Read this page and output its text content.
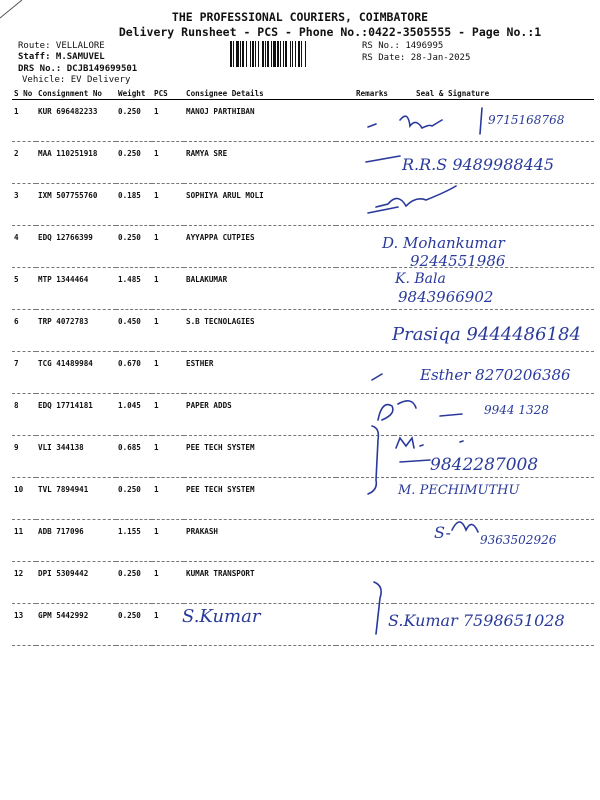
THE PROFESSIONAL COURIERS, COIMBATORE
Delivery Runsheet - PCS - Phone No.:0422-3505555 - Page No.:1
Route: VELLALORE
Staff: M.SAMUVEL
DRS No.: DCJB149699501
Vehicle: EV Delivery
RS No.: 1496995
RS Date: 28-Jan-2025
S No	Consignment No	Weight	PCS	Consignee Details	Remarks	Seal & Signature
1	KUR 696482233	0.250	1	MANOJ PARTHIBAN		
2	MAA 110251918	0.250	1	RAMYA SRE		
3	IXM 507755760	0.185	1	SOPHIYA ARUL MOLI		
4	EDQ 12766399	0.250	1	AYYAPPA CUTPIES		
5	MTP 1344464	1.485	1	BALAKUMAR		
6	TRP 4072783	0.450	1	S.B TECNOLAGIES		
7	TCG 41489984	0.670	1	ESTHER		
8	EDQ 17714181	1.045	1	PAPER ADDS		
9	VLI 344138	0.685	1	PEE TECH SYSTEM		
10	TVL 7894941	0.250	1	PEE TECH SYSTEM		
11	ADB 717096	1.155	1	PRAKASH		
12	DPI 5309442	0.250	1	KUMAR TRANSPORT		
13	GPM 5442992	0.250	1			
9715168768
R.R.S 9489988445
D. Mohankumar
9244551986
K. Bala
9843966902
Prasiqa 9444486184
Esther 8270206386
9944 1328
9842287008
M. PECHIMUTHU
S- 9363502926
S.Kumar	S.Kumar 7598651028
